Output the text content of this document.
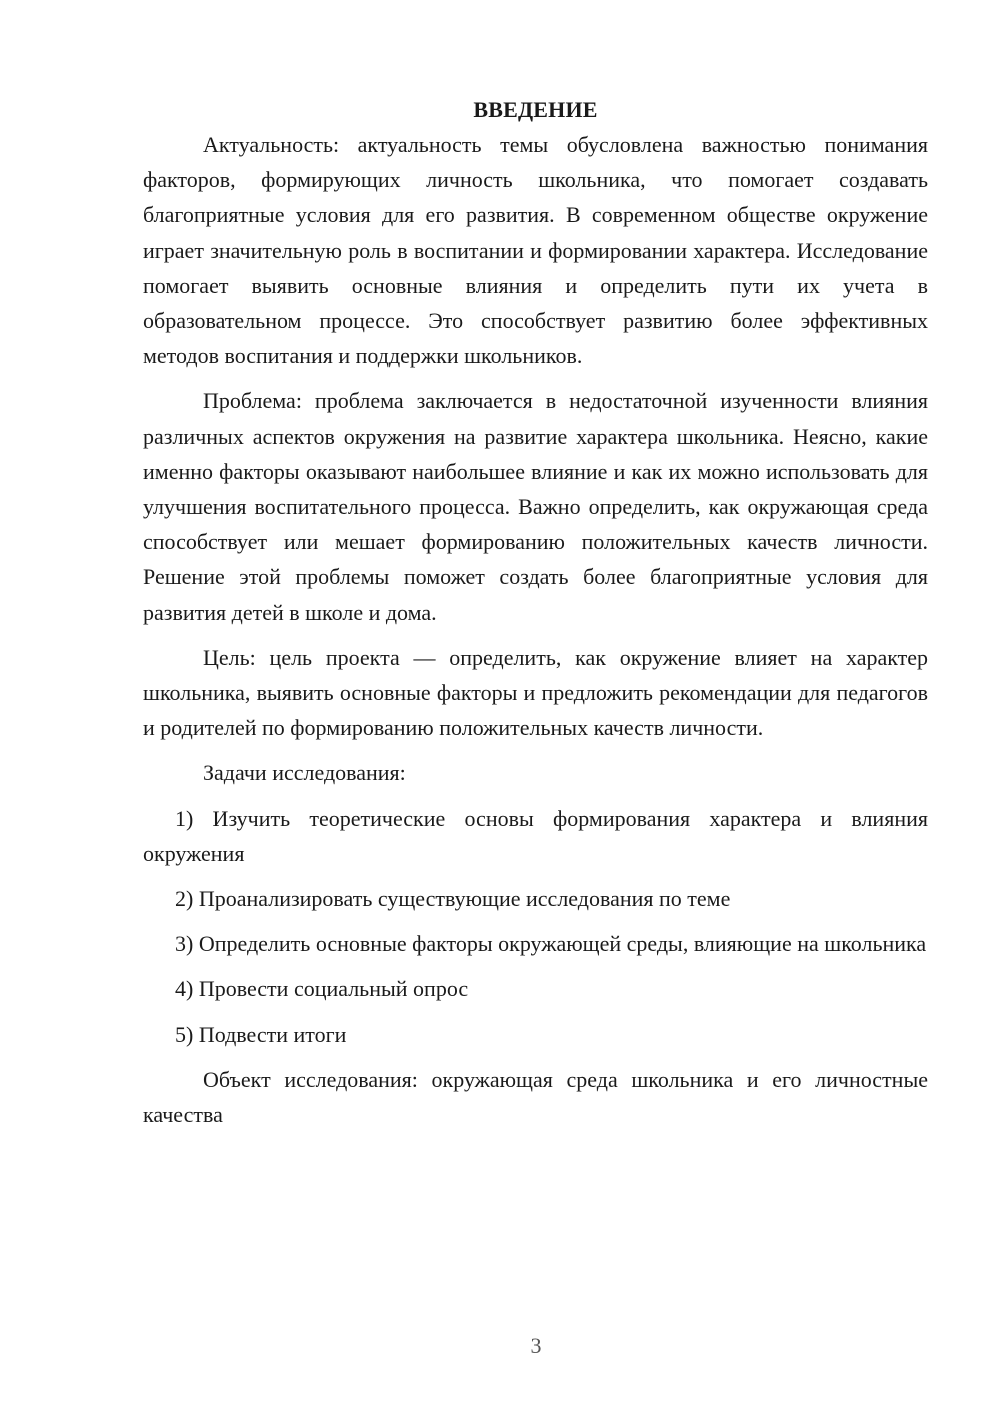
ВВЕДЕНИЕ

Актуальность: актуальность темы обусловлена важностью понимания факторов, формирующих личность школьника, что помогает создавать благоприятные условия для его развития. В современном обществе окружение играет значительную роль в воспитании и формировании характера. Исследование помогает выявить основные влияния и определить пути их учета в образовательном процессе. Это способствует развитию более эффективных методов воспитания и поддержки школьников.

Проблема: проблема заключается в недостаточной изученности влияния различных аспектов окружения на развитие характера школьника. Неясно, какие именно факторы оказывают наибольшее влияние и как их можно использовать для улучшения воспитательного процесса. Важно определить, как окружающая среда способствует или мешает формированию положительных качеств личности. Решение этой проблемы поможет создать более благоприятные условия для развития детей в школе и дома.

Цель: цель проекта — определить, как окружение влияет на характер школьника, выявить основные факторы и предложить рекомендации для педагогов и родителей по формированию положительных качеств личности.

Задачи исследования:

1) Изучить теоретические основы формирования характера и влияния окружения

2) Проанализировать существующие исследования по теме

3) Определить основные факторы окружающей среды, влияющие на школьника

4) Провести социальный опрос

5) Подвести итоги

Объект исследования: окружающая среда школьника и его личностные качества

3
